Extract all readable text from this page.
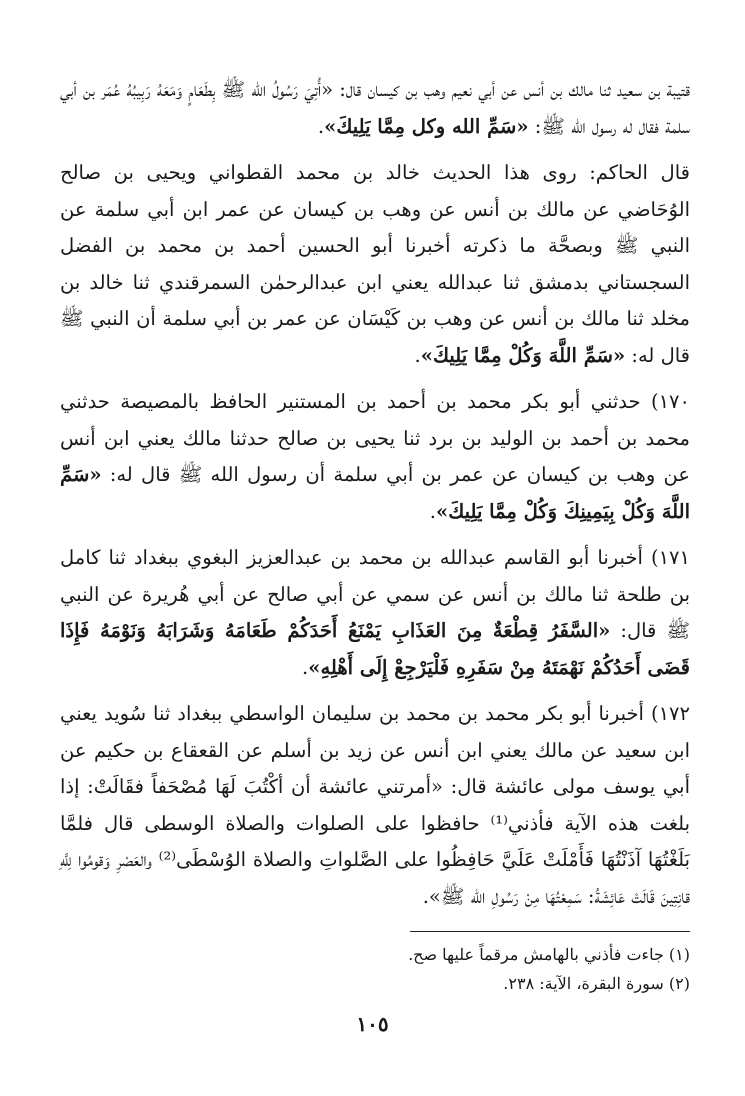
قتيبة بن سعيد ثنا مالك بن أنس عن أبي نعيم وهب بن كيسان قال: «أُتِيَ رَسُولُ الله ﷺ بِطَعَامٍ وَمَعَهُ رَبِيبُهُ عُمَر بن أبي سلمة فقال له رسول الله ﷺ: «سَمِّ الله وكل مِمَّا يَلِيكَ».

قال الحاكم: روى هذا الحديث خالد بن محمد القطواني ويحيى بن صالح الوُحَاضي عن مالك بن أنس عن وهب بن كيسان عن عمر ابن أبي سلمة عن النبي ﷺ وبصحَّة ما ذكرته أخبرنا أبو الحسين أحمد بن محمد بن الفضل السجستاني بدمشق ثنا عبدالله يعني ابن عبدالرحمٰن السمرقندي ثنا خالد بن مخلد ثنا مالك بن أنس عن وهب بن كَيْسَان عن عمر بن أبي سلمة أن النبي ﷺ قال له: «سَمِّ اللَّهَ وَكُلْ مِمَّا يَلِيكَ».

١٧٠) حدثني أبو بكر محمد بن أحمد بن المستنير الحافظ بالمصيصة حدثني محمد بن أحمد بن الوليد بن برد ثنا يحيى بن صالح حدثنا مالك يعني ابن أنس عن وهب بن كيسان عن عمر بن أبي سلمة أن رسول الله ﷺ قال له: «سَمِّ اللَّهَ وَكُلْ بِيَمِينِكَ وَكُلْ مِمَّا يَلِيكَ».

١٧١) أخبرنا أبو القاسم عبدالله بن محمد بن عبدالعزيز البغوي ببغداد ثنا كامل بن طلحة ثنا مالك بن أنس عن سمي عن أبي صالح عن أبي هُريرة عن النبي ﷺ قال: «السَّفَرُ قِطْعَةٌ مِنَ العَذَابِ يَمْنَعُ أَحَدَكُمْ طَعَامَهُ وَشَرَابَهُ وَنَوْمَهُ فَإِذَا قَضَى أَحَدُكُمْ نَهْمَتَهُ مِنْ سَفَرِهِ فَلْيَرْجِعْ إِلَى أَهْلِهِ».

١٧٢) أخبرنا أبو بكر محمد بن محمد بن سليمان الواسطي ببغداد ثنا سُويد يعني ابن سعيد عن مالك يعني ابن أنس عن زيد بن أسلم عن القعقاع بن حكيم عن أبي يوسف مولى عائشة قال: «أمرتني عائشة أن أكْتُبَ لَهَا مُصْحَفاً فقَالَتْ: إذا بلغت هذه الآية فأذني⁽¹⁾ حافظوا على الصلوات والصلاة الوسطى قال فلمَّا بَلَغْتُهَا آذَنْتُهَا فَأَمْلَتْ عَلَيَّ حَافِظُوا على الصَّلواتِ والصلاة الوُسْطَى⁽²⁾ والعَصْرِ وَقومُوا لِلَّهِ قانِتِينَ قَالَتْ عَائِشَةُ: سَمِعْتُهَا مِنْ رَسُولِ الله ﷺ».

(١) جاءت فأذني بالهامش مرقماً عليها صح.

(٢) سورة البقرة، الآية: ٢٣٨.

١٠٥
